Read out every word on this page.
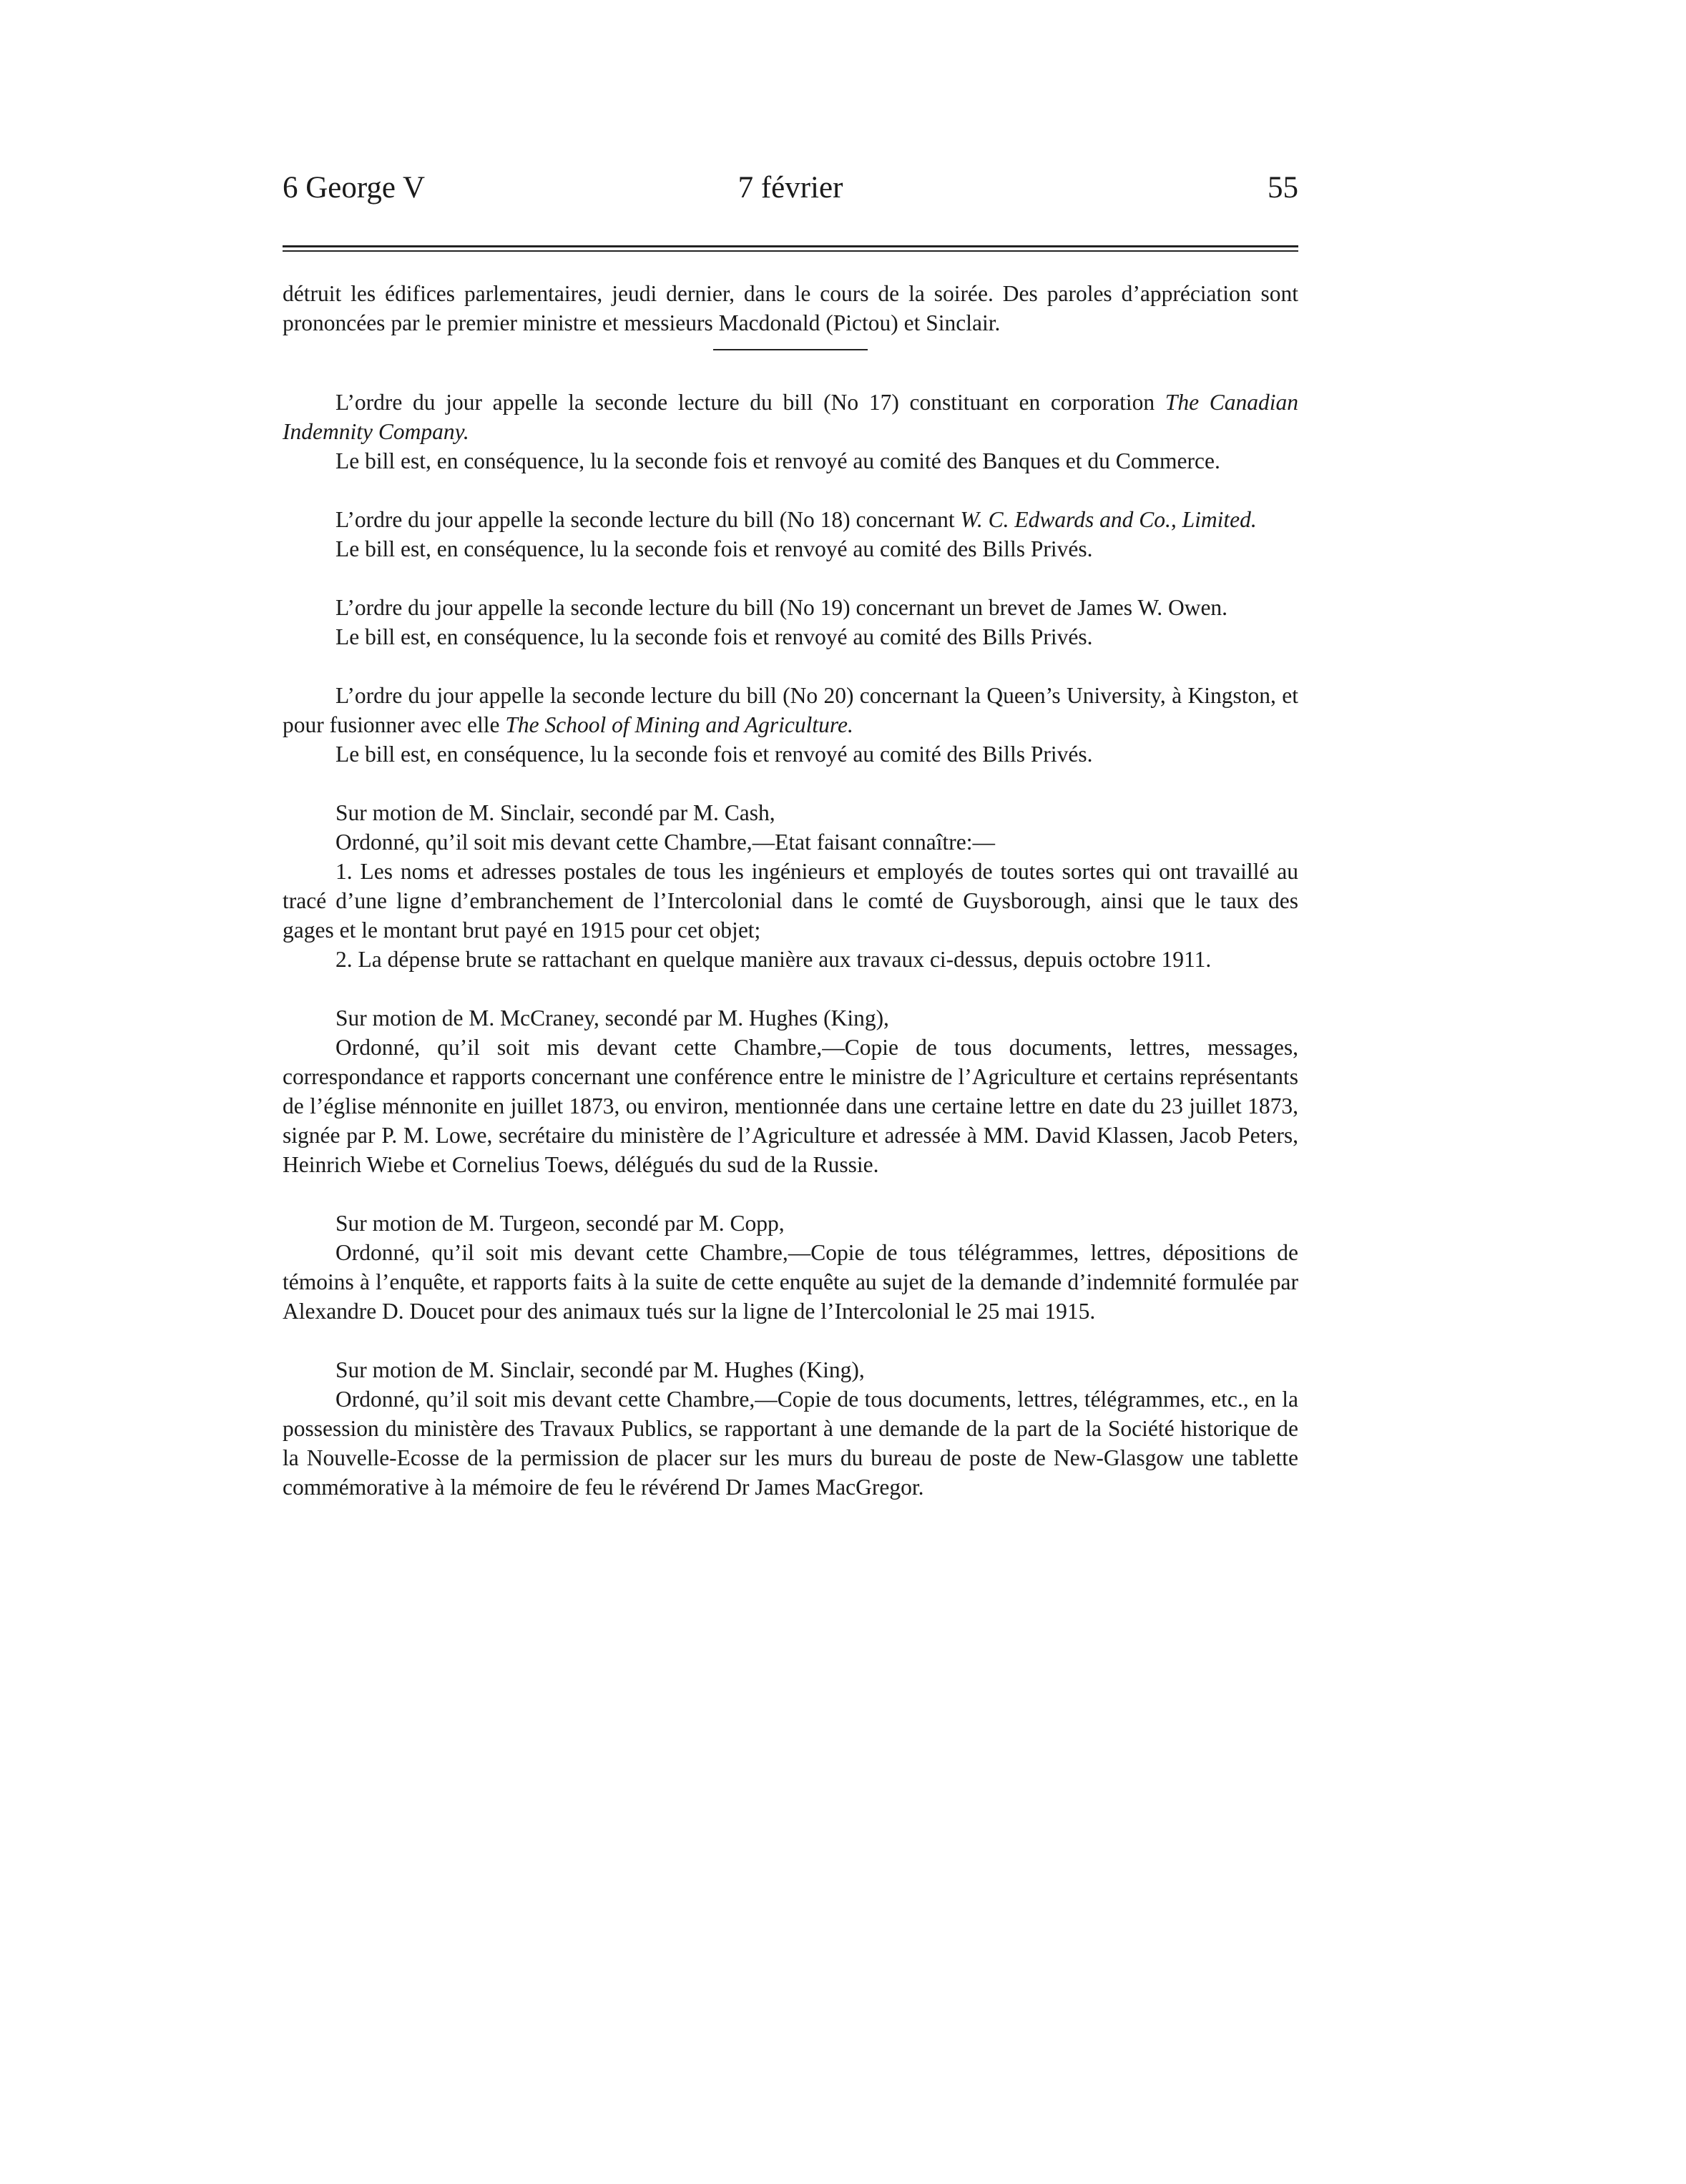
6 George V	7 février	55

détruit les édifices parlementaires, jeudi dernier, dans le cours de la soirée. Des paroles d’appréciation sont prononcées par le premier ministre et messieurs Macdonald (Pictou) et Sinclair.

L’ordre du jour appelle la seconde lecture du bill (No 17) constituant en corporation The Canadian Indemnity Company.

Le bill est, en conséquence, lu la seconde fois et renvoyé au comité des Banques et du Commerce.

L’ordre du jour appelle la seconde lecture du bill (No 18) concernant W. C. Edwards and Co., Limited.

Le bill est, en conséquence, lu la seconde fois et renvoyé au comité des Bills Privés.

L’ordre du jour appelle la seconde lecture du bill (No 19) concernant un brevet de James W. Owen.

Le bill est, en conséquence, lu la seconde fois et renvoyé au comité des Bills Privés.

L’ordre du jour appelle la seconde lecture du bill (No 20) concernant la Queen’s University, à Kingston, et pour fusionner avec elle The School of Mining and Agriculture.

Le bill est, en conséquence, lu la seconde fois et renvoyé au comité des Bills Privés.

Sur motion de M. Sinclair, secondé par M. Cash,

Ordonné, qu’il soit mis devant cette Chambre,—Etat faisant connaître:—

1. Les noms et adresses postales de tous les ingénieurs et employés de toutes sortes qui ont travaillé au tracé d’une ligne d’embranchement de l’Intercolonial dans le comté de Guysborough, ainsi que le taux des gages et le montant brut payé en 1915 pour cet objet;

2. La dépense brute se rattachant en quelque manière aux travaux ci-dessus, depuis octobre 1911.

Sur motion de M. McCraney, secondé par M. Hughes (King),

Ordonné, qu’il soit mis devant cette Chambre,—Copie de tous documents, lettres, messages, correspondance et rapports concernant une conférence entre le ministre de l’Agriculture et certains représentants de l’église ménnonite en juillet 1873, ou environ, mentionnée dans une certaine lettre en date du 23 juillet 1873, signée par P. M. Lowe, secrétaire du ministère de l’Agriculture et adressée à MM. David Klassen, Jacob Peters, Heinrich Wiebe et Cornelius Toews, délégués du sud de la Russie.

Sur motion de M. Turgeon, secondé par M. Copp,

Ordonné, qu’il soit mis devant cette Chambre,—Copie de tous télégrammes, lettres, dépositions de témoins à l’enquête, et rapports faits à la suite de cette enquête au sujet de la demande d’indemnité formulée par Alexandre D. Doucet pour des animaux tués sur la ligne de l’Intercolonial le 25 mai 1915.

Sur motion de M. Sinclair, secondé par M. Hughes (King),

Ordonné, qu’il soit mis devant cette Chambre,—Copie de tous documents, lettres, télégrammes, etc., en la possession du ministère des Travaux Publics, se rapportant à une demande de la part de la Société historique de la Nouvelle-Ecosse de la permission de placer sur les murs du bureau de poste de New-Glasgow une tablette commémorative à la mémoire de feu le révérend Dr James MacGregor.
